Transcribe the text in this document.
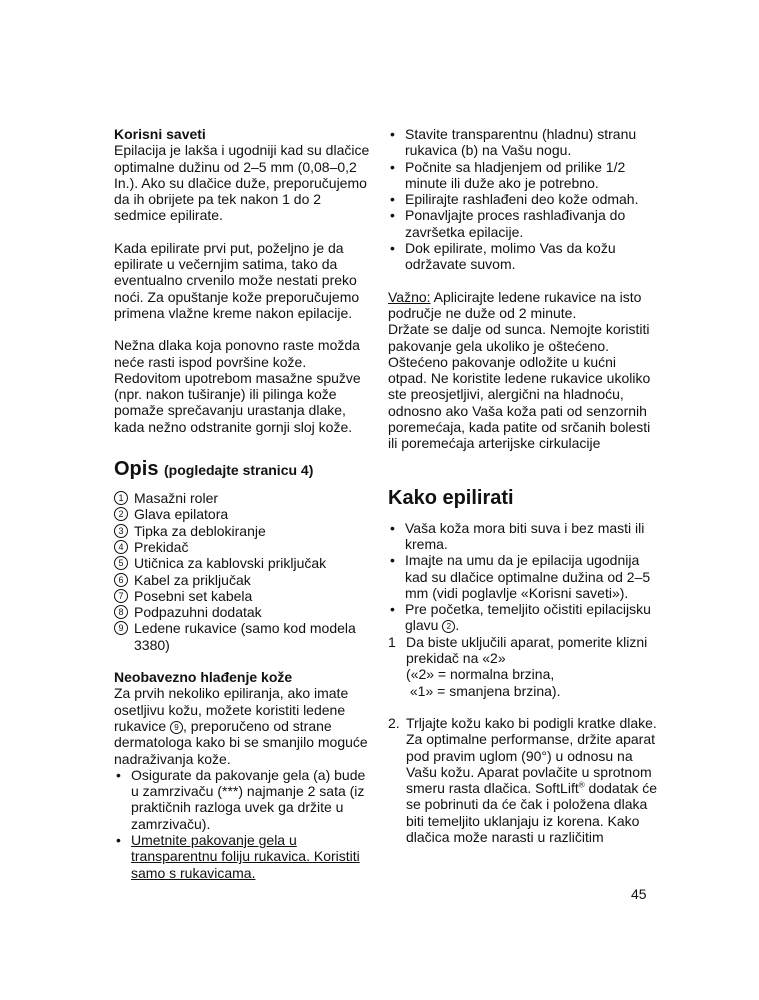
Korisni saveti

Epilacija je lakša i ugodniji kad su dlačice optimalne dužinu od 2–5 mm (0,08–0,2 In.). Ako su dlačice duže, preporučujemo da ih obrijete pa tek nakon 1 do 2 sedmice epilirate.

Kada epilirate prvi put, poželjno je da epilirate u večernjim satima, tako da eventualno crvenilo može nestati preko noći. Za opuštanje kože preporučujemo primena vlažne kreme nakon epilacije.

Nežna dlaka koja ponovno raste možda neće rasti ispod površine kože. Redovitom upotrebom masažne spužve (npr. nakon tuširanje) ili pilinga kože pomaže sprečavanju urastanja dlake, kada nežno odstranite gornji sloj kože.

Opis (pogledajte stranicu 4)
1 Masažni roler
2 Glava epilatora
3 Tipka za deblokiranje
4 Prekidač
5 Utičnica za kablovski priključak
6 Kabel za priključak
7 Posebni set kabela
8 Podpazuhni dodatak
9 Ledene rukavice (samo kod modela 3380)

Neobavezno hlađenje kože

Za prvih nekoliko epiliranja, ako imate osetljivu kožu, možete koristiti ledene rukavice 9 , preporučeno od strane dermatologa kako bi se smanjilo moguće nadraživanja kože.

• Osigurate da pakovanje gela (a) bude u zamrzivaču (***) najmanje 2 sata (iz praktičnih razloga uvek ga držite u zamrzivaču).
• Umetnite pakovanje gela u transparentnu foliju rukavica. Koristiti samo s rukavicama.
• Stavite transparentnu (hladnu) stranu rukavica (b) na Vašu nogu.
• Počnite sa hladjenjem od prilike 1/2 minute ili duže ako je potrebno.
• Epilirajte rashlađeni deo kože odmah.
• Ponavljajte proces rashlađivanja do završetka epilacije.
• Dok epilirate, molimo Vas da kožu održavate suvom.

Važno: Aplicirajte ledene rukavice na isto područje ne duže od 2 minute.

Držate se dalje od sunca. Nemojte koristiti pakovanje gela ukoliko je oštećeno. Oštećeno pakovanje odložite u kućni otpad. Ne koristite ledene rukavice ukoliko ste preosjetljivi, alergični na hladnoću, odnosno ako Vaša koža pati od senzornih poremećaja, kada patite od srčanih bolesti ili poremećaja arterijske cirkulacije

Kako epilirati
• Vaša koža mora biti suva i bez masti ili krema.
• Imajte na umu da je epilacija ugodnija kad su dlačice optimalne dužina od 2–5 mm (vidi poglavlje «Korisni saveti»).
• Pre početka, temeljito očistiti epilacijsku glavu 2 .
1 Da biste uključili aparat, pomerite klizni prekidač na «2»
(«2» = normalna brzina,
«1» = smanjena brzina).
2. Trljajte kožu kako bi podigli kratke dlake. Za optimalne performanse, držite aparat pod pravim uglom (90°) u odnosu na Vašu kožu. Aparat povlačite u sprotnom smeru rasta dlačica. SoftLift® dodatak će se pobrinuti da će čak i položena dlaka biti temeljito uklanjaju iz korena. Kako dlačica može narasti u različitim
45
